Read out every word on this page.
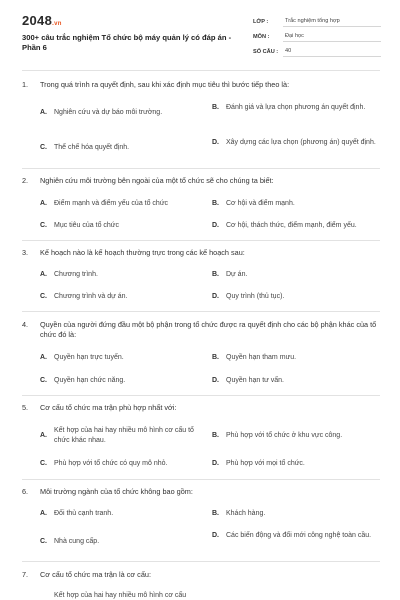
2048.vn
300+ câu trắc nghiệm Tổ chức bộ máy quản lý có đáp án - Phần 6
LỚP :	Trắc nghiệm tổng hợp
MÔN :	Đại học
SỐ CÂU :	40
1.	Trong quá trình ra quyết định, sau khi xác định mục tiêu thì bước tiếp theo là:
A.	Nghiên cứu và dự báo môi trường.
B.	Đánh giá và lựa chọn phương án quyết định.
C.	Thể chế hóa quyết định.
D.	Xây dựng các lựa chọn (phương án) quyết định.
2.	Nghiên cứu môi trường bên ngoài của một tổ chức sẽ cho chúng ta biết:
A.	Điểm mạnh và điểm yếu của tổ chức	B.	Cơ hội và điểm mạnh.
C.	Mục tiêu của tổ chức	D.	Cơ hội, thách thức, điểm mạnh, điểm yếu.
3.	Kế hoạch nào là kế hoạch thường trực trong các kế hoạch sau:
A.	Chương trình.	B.	Dự án.
C.	Chương trình và dự án.	D.	Quy trình (thủ tục).
4.	Quyền của người đứng đầu một bộ phận trong tổ chức được ra quyết định cho các bộ phận khác của tổ chức đó là:
A.	Quyền hạn trực tuyến.	B.	Quyền hạn tham mưu.
C.	Quyền hạn chức năng.	D.	Quyền hạn tư vấn.
5.	Cơ cấu tổ chức ma trận phù hợp nhất với:
A.
Kết hợp của hai hay nhiều mô hình cơ cấu tổ chức khác nhau.
B.	Phù hợp với tổ chức ở khu vực công.
C.	Phù hợp với tổ chức có quy mô nhỏ.	D.	Phù hợp với mọi tổ chức.
6.	Môi trường ngành của tổ chức không bao gồm:
A.	Đối thủ cạnh tranh.	B.	Khách hàng.
C.	Nhà cung cấp.
D.	Các biến động và đổi mới công nghệ toàn cầu.
7.	Cơ cấu tổ chức ma trận là cơ cấu:
Kết hợp của hai hay nhiều mô hình cơ cấu
